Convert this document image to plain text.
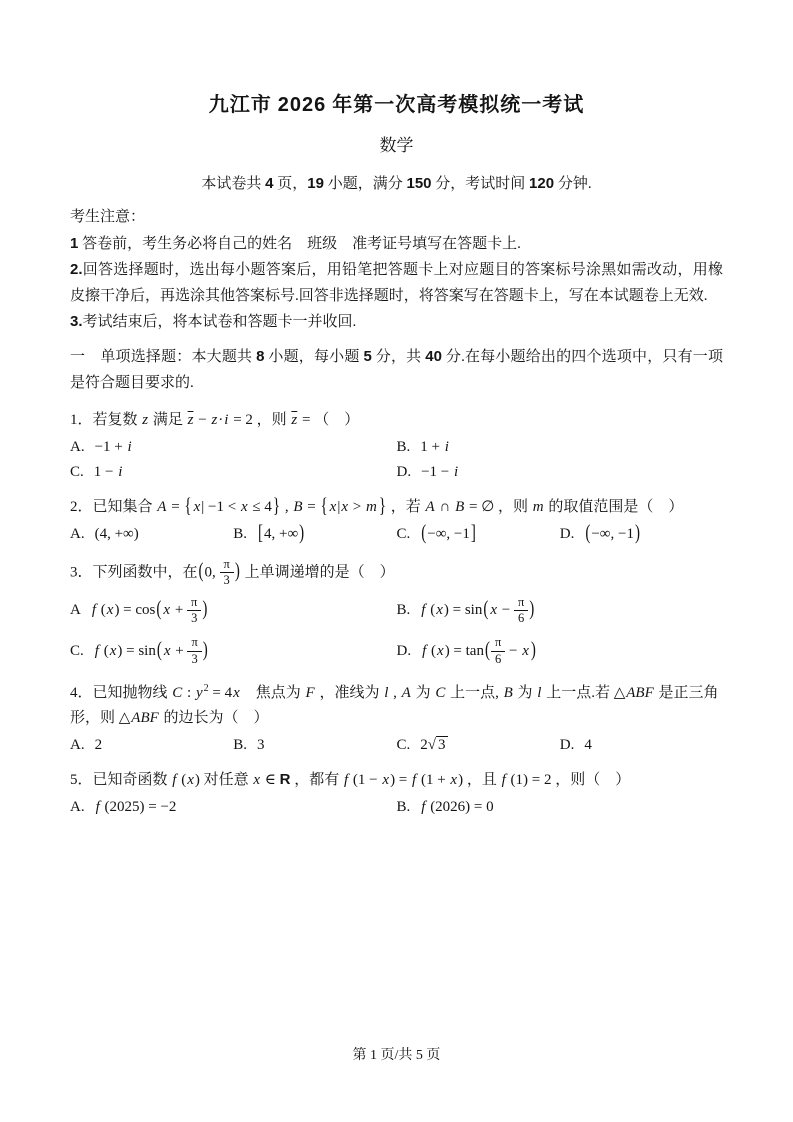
九江市 2026 年第一次高考模拟统一考试
数学
本试卷共 4 页，19 小题，满分 150 分，考试时间 120 分钟.
考生注意：
1 答卷前，考生务必将自己的姓名　班级　准考证号填写在答题卡上.
2.回答选择题时，选出每小题答案后，用铅笔把答题卡上对应题目的答案标号涂黑如需改动，用橡皮擦干净后，再选涂其他答案标号.回答非选择题时，将答案写在答题卡上，写在本试题卷上无效.
3.考试结束后，将本试卷和答题卡一并收回.
一　单项选择题：本大题共 8 小题，每小题 5 分，共 40 分.在每小题给出的四个选项中，只有一项是符合题目要求的.
1．若复数 z 满足 $\overline{z} - z\cdot i = 2$ ，则 $\overline{z}$ = （　）
A. −1 + i	B. 1 + i
C. 1 − i	D. −1 − i
2．已知集合 A = { x| −1 < x ≤ 4} , B = { x|x > m } ，若 A ∩ B = ∅ ，则 m 的取值范围是（　）
A. (4, +∞)	B. [4, +∞)	C. (−∞, −1]	D. (−∞, −1)
3．下列函数中，在(0, $\frac{\pi}{3}$ ) 上单调递增的是（　）
A f (x) = cos( $x + \frac{\pi}{3}$ )	B. f (x) = sin( $x - \frac{\pi}{6}$ )
C. f (x) = sin( $x + \frac{\pi}{3}$ )	D. f $(x) = \tan( \frac{\pi}{6} - x$ )
4．已知抛物线 C : $y^2 = 4x$　焦点为 F ，准线为 l , A 为 C 上一点, B 为 l 上一点.若 △ABF 是正三角形，则 △ABF 的边长为（　）
A. 2	B. 3	C. 2√ 3	D. 4
5．已知奇函数 f (x) 对任意 x ∈ R ，都有 f (1 − x) = f (1 + x) ，且 f (1) = 2 ，则（　）
A. f (2025) = −2	B. f (2026) = 0
第 1 页/共 5 页
